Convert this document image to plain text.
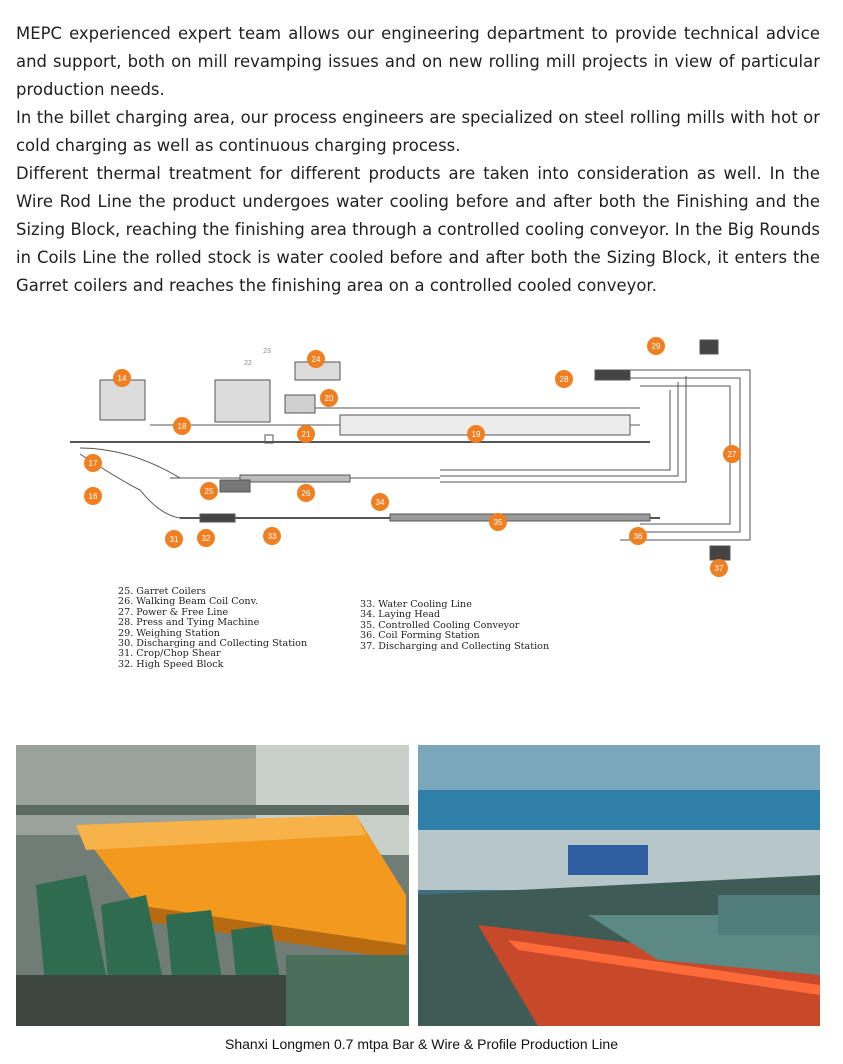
MEPC experienced expert team allows our engineering department to provide technical advice and support, both on mill revamping issues and on new rolling mill projects in view of particular production needs.
In the billet charging area, our process engineers are specialized on steel rolling mills with hot or cold charging as well as continuous charging process.
Different thermal treatment for different products are taken into consideration as well. In the Wire Rod Line the product undergoes water cooling before and after both the Finishing and the Sizing Block, reaching the finishing area through a controlled cooling conveyor. In the Big Rounds in Coils Line the rolled stock is water cooled before and after both the Sizing Block, it enters the Garret coilers and reaches the finishing area on a controlled cooled conveyor.
14
16
17
18
19
20
21
22
23
24
25	26
27
28
29
31	32	33
34
35
36
37
25. Garret Coilers
26. Walking Beam Coil Conv.
27. Power & Free Line
28. Press and Tying Machine
29. Weighing Station
30. Discharging and Collecting Station
31. Crop/Chop Shear
32. High Speed Block
33. Water Cooling Line
34. Laying Head
35. Controlled Cooling Conveyor
36. Coil Forming Station
37. Discharging and Collecting Station
Shanxi Longmen 0.7 mtpa Bar & Wire & Profile Production Line
